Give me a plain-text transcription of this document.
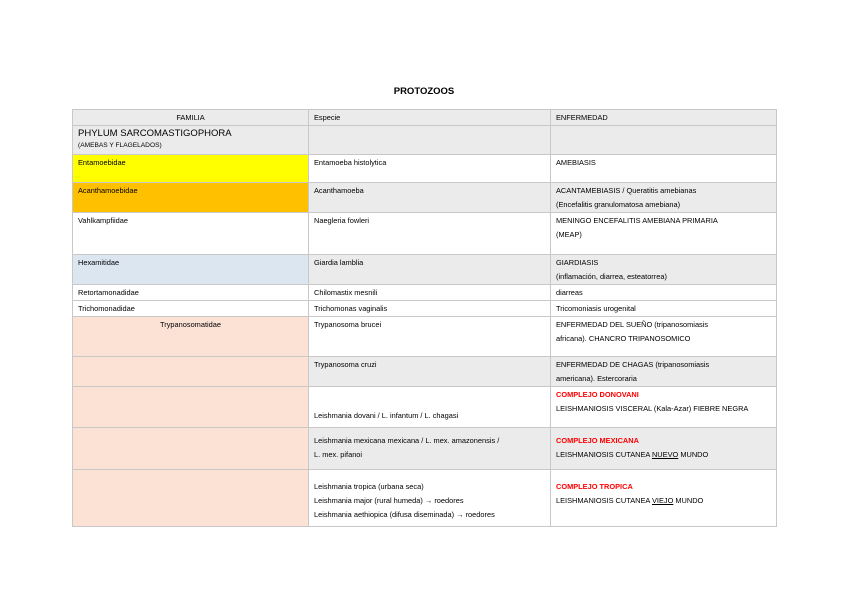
PROTOZOOS
FAMILIA	Especie	ENFERMEDAD

PHYLUM SARCOMASTIGOPHORA
(AMEBAS Y FLAGELADOS)		

Entamoebidae	Entamoeba histolytica	AMEBIASIS

Acanthamoebidae	Acanthamoeba	ACANTAMEBIASIS / Queratitis amebianas
(Encefalitis granulomatosa amebiana)

Vahlkampfiidae	Naegleria fowleri	MENINGO ENCEFALITIS AMEBIANA PRIMARIA
(MEAP)

Hexamitidae	Giardia lamblia	GIARDIASIS
(inflamación, diarrea, esteatorrea)

Retortamonadidae	Chilomastix mesnili	diarreas
Trichomonadidae	Trichomonas vaginalis	Tricomoniasis urogenital
Trypanosomatidae	Trypanosoma brucei	ENFERMEDAD DEL SUEÑO (tripanosomiasis
africana). CHANCRO TRIPANOSOMICO

	Trypanosoma cruzi	ENFERMEDAD DE CHAGAS (tripanosomiasis
americana). Estercoraria

	Leishmania dovani / L. infantum / L. chagasi	COMPLEJO DONOVANI
LEISHMANIOSIS VISCERAL (Kala-Azar) FIEBRE NEGRA

	Leishmania mexicana mexicana / L. mex. amazonensis /
L. mex. pifanoi	COMPLEJO MEXICANA
LEISHMANIOSIS CUTANEA NUEVO MUNDO

	Leishmania tropica (urbana seca)
Leishmania major (rural humeda) → roedores
Leishmania aethiopica (difusa diseminada) → roedores	COMPLEJO TROPICA
LEISHMANIOSIS CUTANEA VIEJO MUNDO
